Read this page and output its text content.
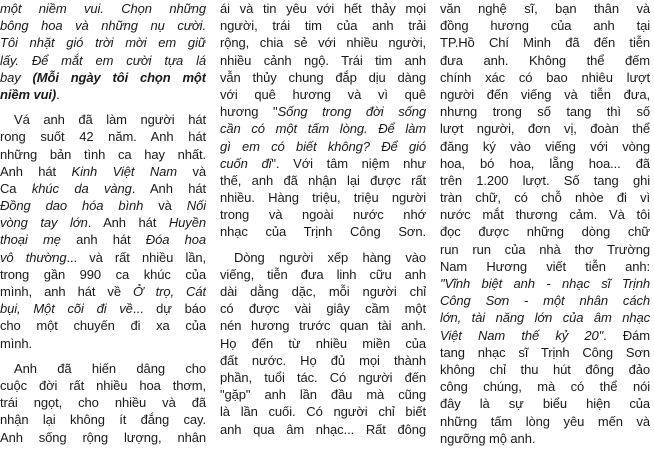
một niềm vui. Chọn những
bông hoa và những nụ cười.
Tôi nhặt gió trời mời em giữ
lấy. Để mắt em cười tựa lá
bay (Mỗi ngày tôi chọn một
niềm vui).
Vá anh đã làm người hát
rong suốt 42 năm. Anh hát
những bản tình ca hay nhất.
Anh hát Kinh Việt Nam và
Ca khúc da vàng. Anh hát
Đồng dao hóa bình và Nối
vòng tay lớn. Anh hát Huyền
thoại mẹ anh hát Đóa hoa
vô thường... và rất nhiều lần,
trong gần 990 ca khúc của
mình, anh hát về Ở trọ, Cát
bụi, Một cõi đi về... dự báo
cho một chuyến đi xa của
mình.
Anh đã hiến dâng cho
cuộc đời rất nhiều hoa thơm,
trái ngọt, cho nhiều và đã
nhận lại không ít đắng cay.
Anh sống rộng lượng, nhân
ái và tin yêu với hết thảy mọi
người, trái tim của anh trải
rộng, chia sẻ với nhiều người,
nhiều cảnh ngộ. Trái tim anh
vẫn thủy chung đắp dịu dàng
với quê hương và vì quê
hương "Sống trong đời sống
cần có một tấm lòng. Để làm
gì em có biết không? Để gió
cuốn đi". Với tâm niệm như
thế, anh đã nhận lại được rất
nhiều. Hàng triệu, triệu người
trong và ngoài nước nhớ
nhạc của Trịnh Công Sơn.
Dòng người xếp hàng vào
viếng, tiễn đưa linh cữu anh
dài dằng dặc, mỗi người chỉ
có được vài giây cầm một
nén hương trước quan tài anh.
Họ đến từ nhiều miền của
đất nước. Họ đủ mọi thành
phần, tuổi tác. Có người đến
"gặp" anh lần đầu mà cũng
là lần cuối. Có người chỉ biết
anh qua âm nhạc... Rất đông
văn nghệ sĩ, bạn thân và
đồng hương của anh tại
TP.Hồ Chí Minh đã đến tiễn
đưa anh. Không thể đếm
chính xác có bao nhiêu lượt
người đến viếng và tiễn đưa,
nhưng trong số tang thì số
lượt người, đơn vị, đoàn thể
đăng ký vào viếng với vòng
hoa, bó hoa, lẵng hoa... đã
trên 1.200 lượt. Số tang ghi
tràn chữ, có chỗ nhòe đi vì
nước mắt thương cảm. Và tôi
đọc được những dòng chữ
run run của nhà thơ Trường
Nam Hương viết tiễn anh:
"Vĩnh biệt anh - nhạc sĩ Trịnh
Công Sơn - một nhân cách
lớn, tài năng lớn của âm nhạc
Việt Nam thế kỷ 20". Đám
tang nhạc sĩ Trịnh Công Sơn
không chỉ thu hút đông đảo
công chúng, mà có thể nói
đây là sự biểu hiện của
những tấm lòng yêu mến và
ngưỡng mộ anh.
